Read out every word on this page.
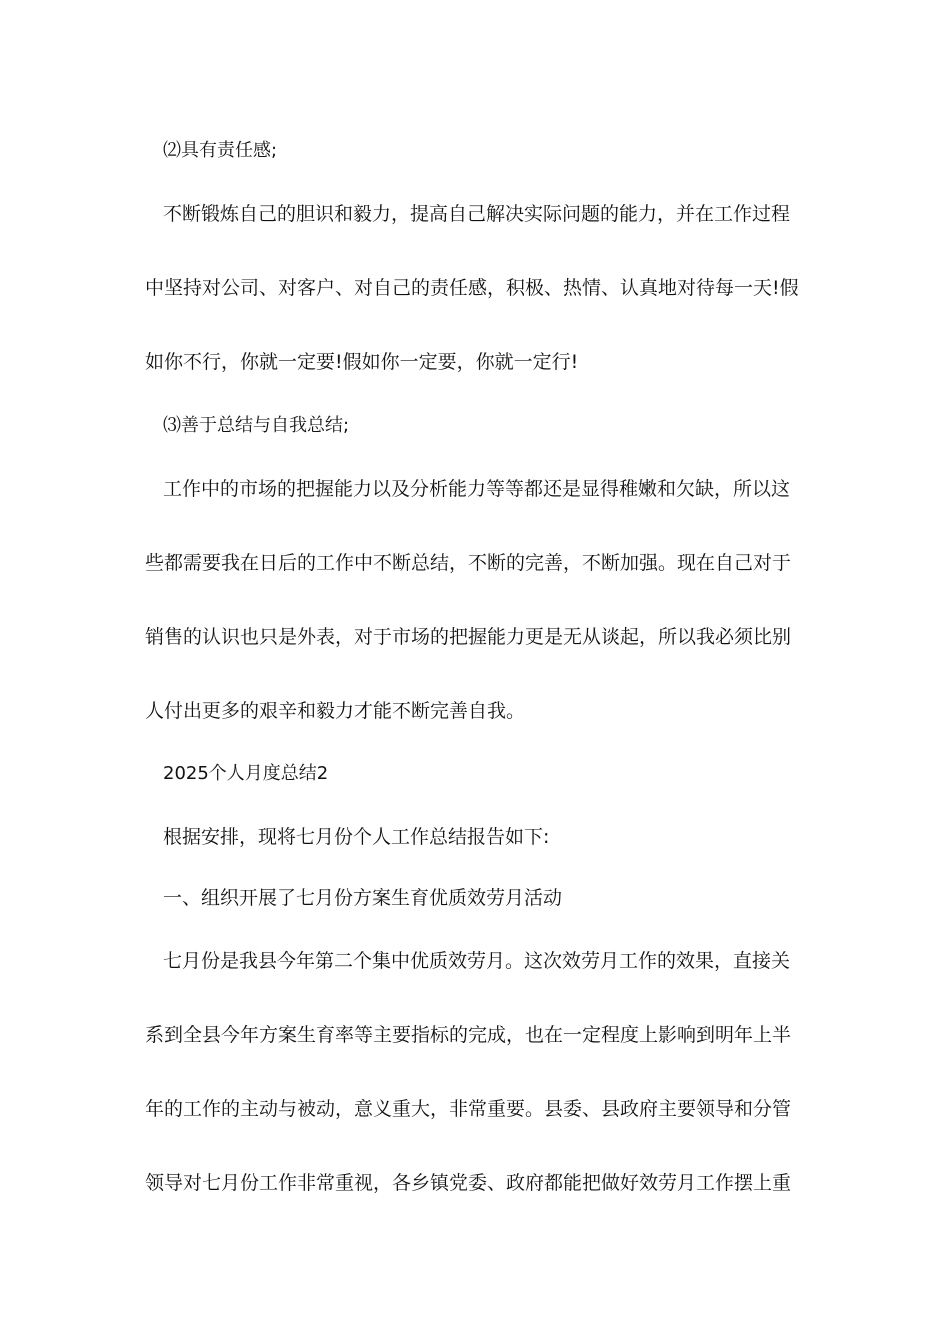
⑵具有责任感;
不断锻炼自己的胆识和毅力，提高自己解决实际问题的能力，并在工作过程
中坚持对公司、对客户、对自己的责任感，积极、热情、认真地对待每一天!假
如你不行，你就一定要!假如你一定要，你就一定行!
⑶善于总结与自我总结;
工作中的市场的把握能力以及分析能力等等都还是显得稚嫩和欠缺，所以这
些都需要我在日后的工作中不断总结，不断的完善，不断加强。现在自己对于
销售的认识也只是外表，对于市场的把握能力更是无从谈起，所以我必须比别
人付出更多的艰辛和毅力才能不断完善自我。
2025个人月度总结2
根据安排，现将七月份个人工作总结报告如下:
一、组织开展了七月份方案生育优质效劳月活动
七月份是我县今年第二个集中优质效劳月。这次效劳月工作的效果，直接关
系到全县今年方案生育率等主要指标的完成，也在一定程度上影响到明年上半
年的工作的主动与被动，意义重大，非常重要。县委、县政府主要领导和分管
领导对七月份工作非常重视，各乡镇党委、政府都能把做好效劳月工作摆上重
